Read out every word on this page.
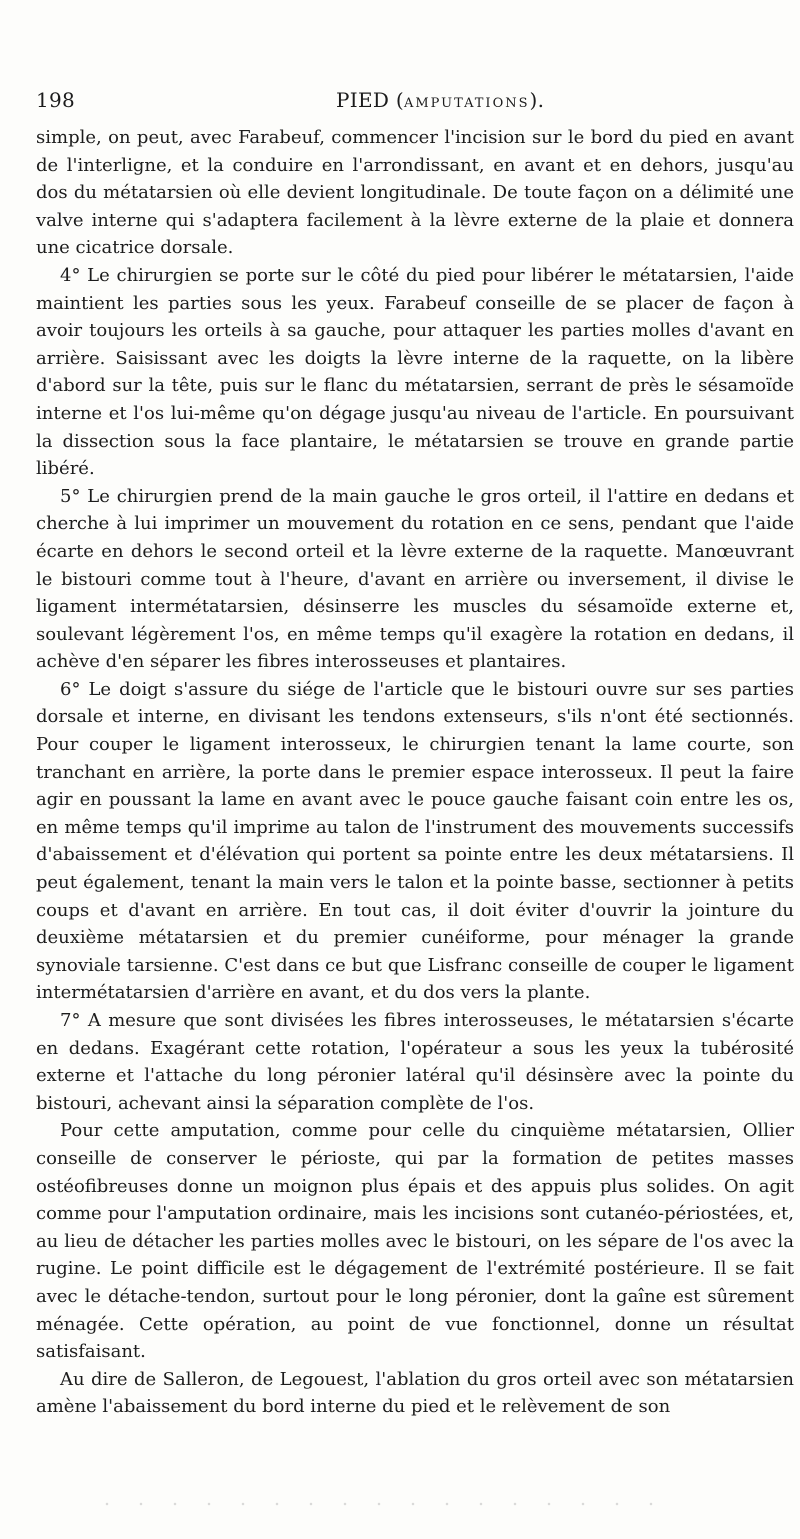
198	PIED (AMPUTATIONS).

simple, on peut, avec Farabeuf, commencer l'incision sur le bord du pied en avant de l'interligne, et la conduire en l'arrondissant, en avant et en dehors, jusqu'au dos du métatarsien où elle devient longitudinale. De toute façon on a délimité une valve interne qui s'adaptera facilement à la lèvre externe de la plaie et donnera une cicatrice dorsale.

4° Le chirurgien se porte sur le côté du pied pour libérer le métatarsien, l'aide maintient les parties sous les yeux. Farabeuf conseille de se placer de façon à avoir toujours les orteils à sa gauche, pour attaquer les parties molles d'avant en arrière. Saisissant avec les doigts la lèvre interne de la raquette, on la libère d'abord sur la tête, puis sur le flanc du métatarsien, serrant de près le sésamoïde interne et l'os lui-même qu'on dégage jusqu'au niveau de l'article. En poursuivant la dissection sous la face plantaire, le métatarsien se trouve en grande partie libéré.

5° Le chirurgien prend de la main gauche le gros orteil, il l'attire en dedans et cherche à lui imprimer un mouvement du rotation en ce sens, pendant que l'aide écarte en dehors le second orteil et la lèvre externe de la raquette. Manœuvrant le bistouri comme tout à l'heure, d'avant en arrière ou inversement, il divise le ligament intermétatarsien, désinserre les muscles du sésamoïde externe et, soulevant légèrement l'os, en même temps qu'il exagère la rotation en dedans, il achève d'en séparer les fibres interosseuses et plantaires.

6° Le doigt s'assure du siége de l'article que le bistouri ouvre sur ses parties dorsale et interne, en divisant les tendons extenseurs, s'ils n'ont été sectionnés. Pour couper le ligament interosseux, le chirurgien tenant la lame courte, son tranchant en arrière, la porte dans le premier espace interosseux. Il peut la faire agir en poussant la lame en avant avec le pouce gauche faisant coin entre les os, en même temps qu'il imprime au talon de l'instrument des mouvements successifs d'abaissement et d'élévation qui portent sa pointe entre les deux métatarsiens. Il peut également, tenant la main vers le talon et la pointe basse, sectionner à petits coups et d'avant en arrière. En tout cas, il doit éviter d'ouvrir la jointure du deuxième métatarsien et du premier cunéiforme, pour ménager la grande synoviale tarsienne. C'est dans ce but que Lisfranc conseille de couper le ligament intermétatarsien d'arrière en avant, et du dos vers la plante.

7° A mesure que sont divisées les fibres interosseuses, le métatarsien s'écarte en dedans. Exagérant cette rotation, l'opérateur a sous les yeux la tubérosité externe et l'attache du long péronier latéral qu'il désinsère avec la pointe du bistouri, achevant ainsi la séparation complète de l'os.

Pour cette amputation, comme pour celle du cinquième métatarsien, Ollier conseille de conserver le périoste, qui par la formation de petites masses ostéofibreuses donne un moignon plus épais et des appuis plus solides. On agit comme pour l'amputation ordinaire, mais les incisions sont cutanéo-périostées, et, au lieu de détacher les parties molles avec le bistouri, on les sépare de l'os avec la rugine. Le point difficile est le dégagement de l'extrémité postérieure. Il se fait avec le détache-tendon, surtout pour le long péronier, dont la gaîne est sûrement ménagée. Cette opération, au point de vue fonctionnel, donne un résultat satisfaisant.

Au dire de Salleron, de Legouest, l'ablation du gros orteil avec son métatarsien amène l'abaissement du bord interne du pied et le relèvement de son
